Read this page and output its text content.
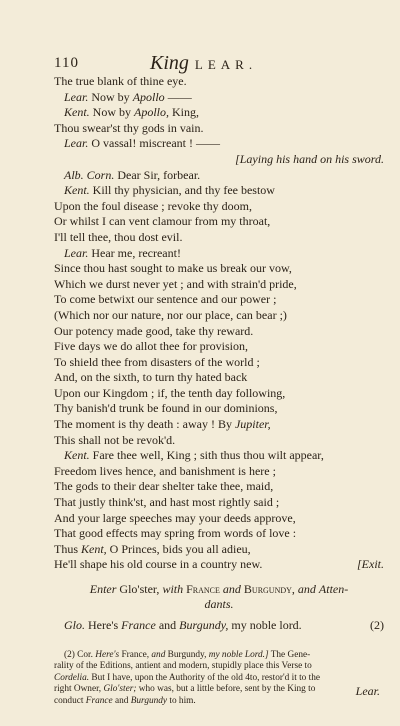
110	King LEAR.
The true blank of thine eye.
Lear. Now by Apollo ——
Kent. Now by Apollo, King,
Thou swear'st thy gods in vain.
Lear. O vassal! miscreant ! ——
[Laying his hand on his sword.
Alb. Corn. Dear Sir, forbear.
Kent. Kill thy physician, and thy fee bestow
Upon the foul disease ; revoke thy doom,
Or whilst I can vent clamour from my throat,
I'll tell thee, thou dost evil.
Lear. Hear me, recreant!
Since thou hast sought to make us break our vow,
Which we durst never yet ; and with strain'd pride,
To come betwixt our sentence and our power ;
(Which nor our nature, nor our place, can bear ;)
Our potency made good, take thy reward.
Five days we do allot thee for provision,
To shield thee from disasters of the world ;
And, on the sixth, to turn thy hated back
Upon our Kingdom ; if, the tenth day following,
Thy banish'd trunk be found in our dominions,
The moment is thy death : away ! By Jupiter,
This shall not be revok'd.
Kent. Fare thee well, King ; sith thus thou wilt appear,
Freedom lives hence, and banishment is here ;
The gods to their dear shelter take thee, maid,
That justly think'st, and hast most rightly said ;
And your large speeches may your deeds approve,
That good effects may spring from words of love :
Thus Kent, O Princes, bids you all adieu,
He'll shape his old course in a country new.	[Exit.
Enter Glo'ster, with France and Burgundy, and Atten-
dants.
Glo. Here's France and Burgundy, my noble lord.	(2)
(2) Cor. Here's France, and Burgundy, my noble Lord.] The Gene-
rality of the Editions, antient and modern, stupidly place this Verse to
Cordelia. But I have, upon the Authority of the old 4to, restor'd it to the
right Owner, Glo'ster; who was, but a little before, sent by the King to
conduct France and Burgundy to him.
Lear.
